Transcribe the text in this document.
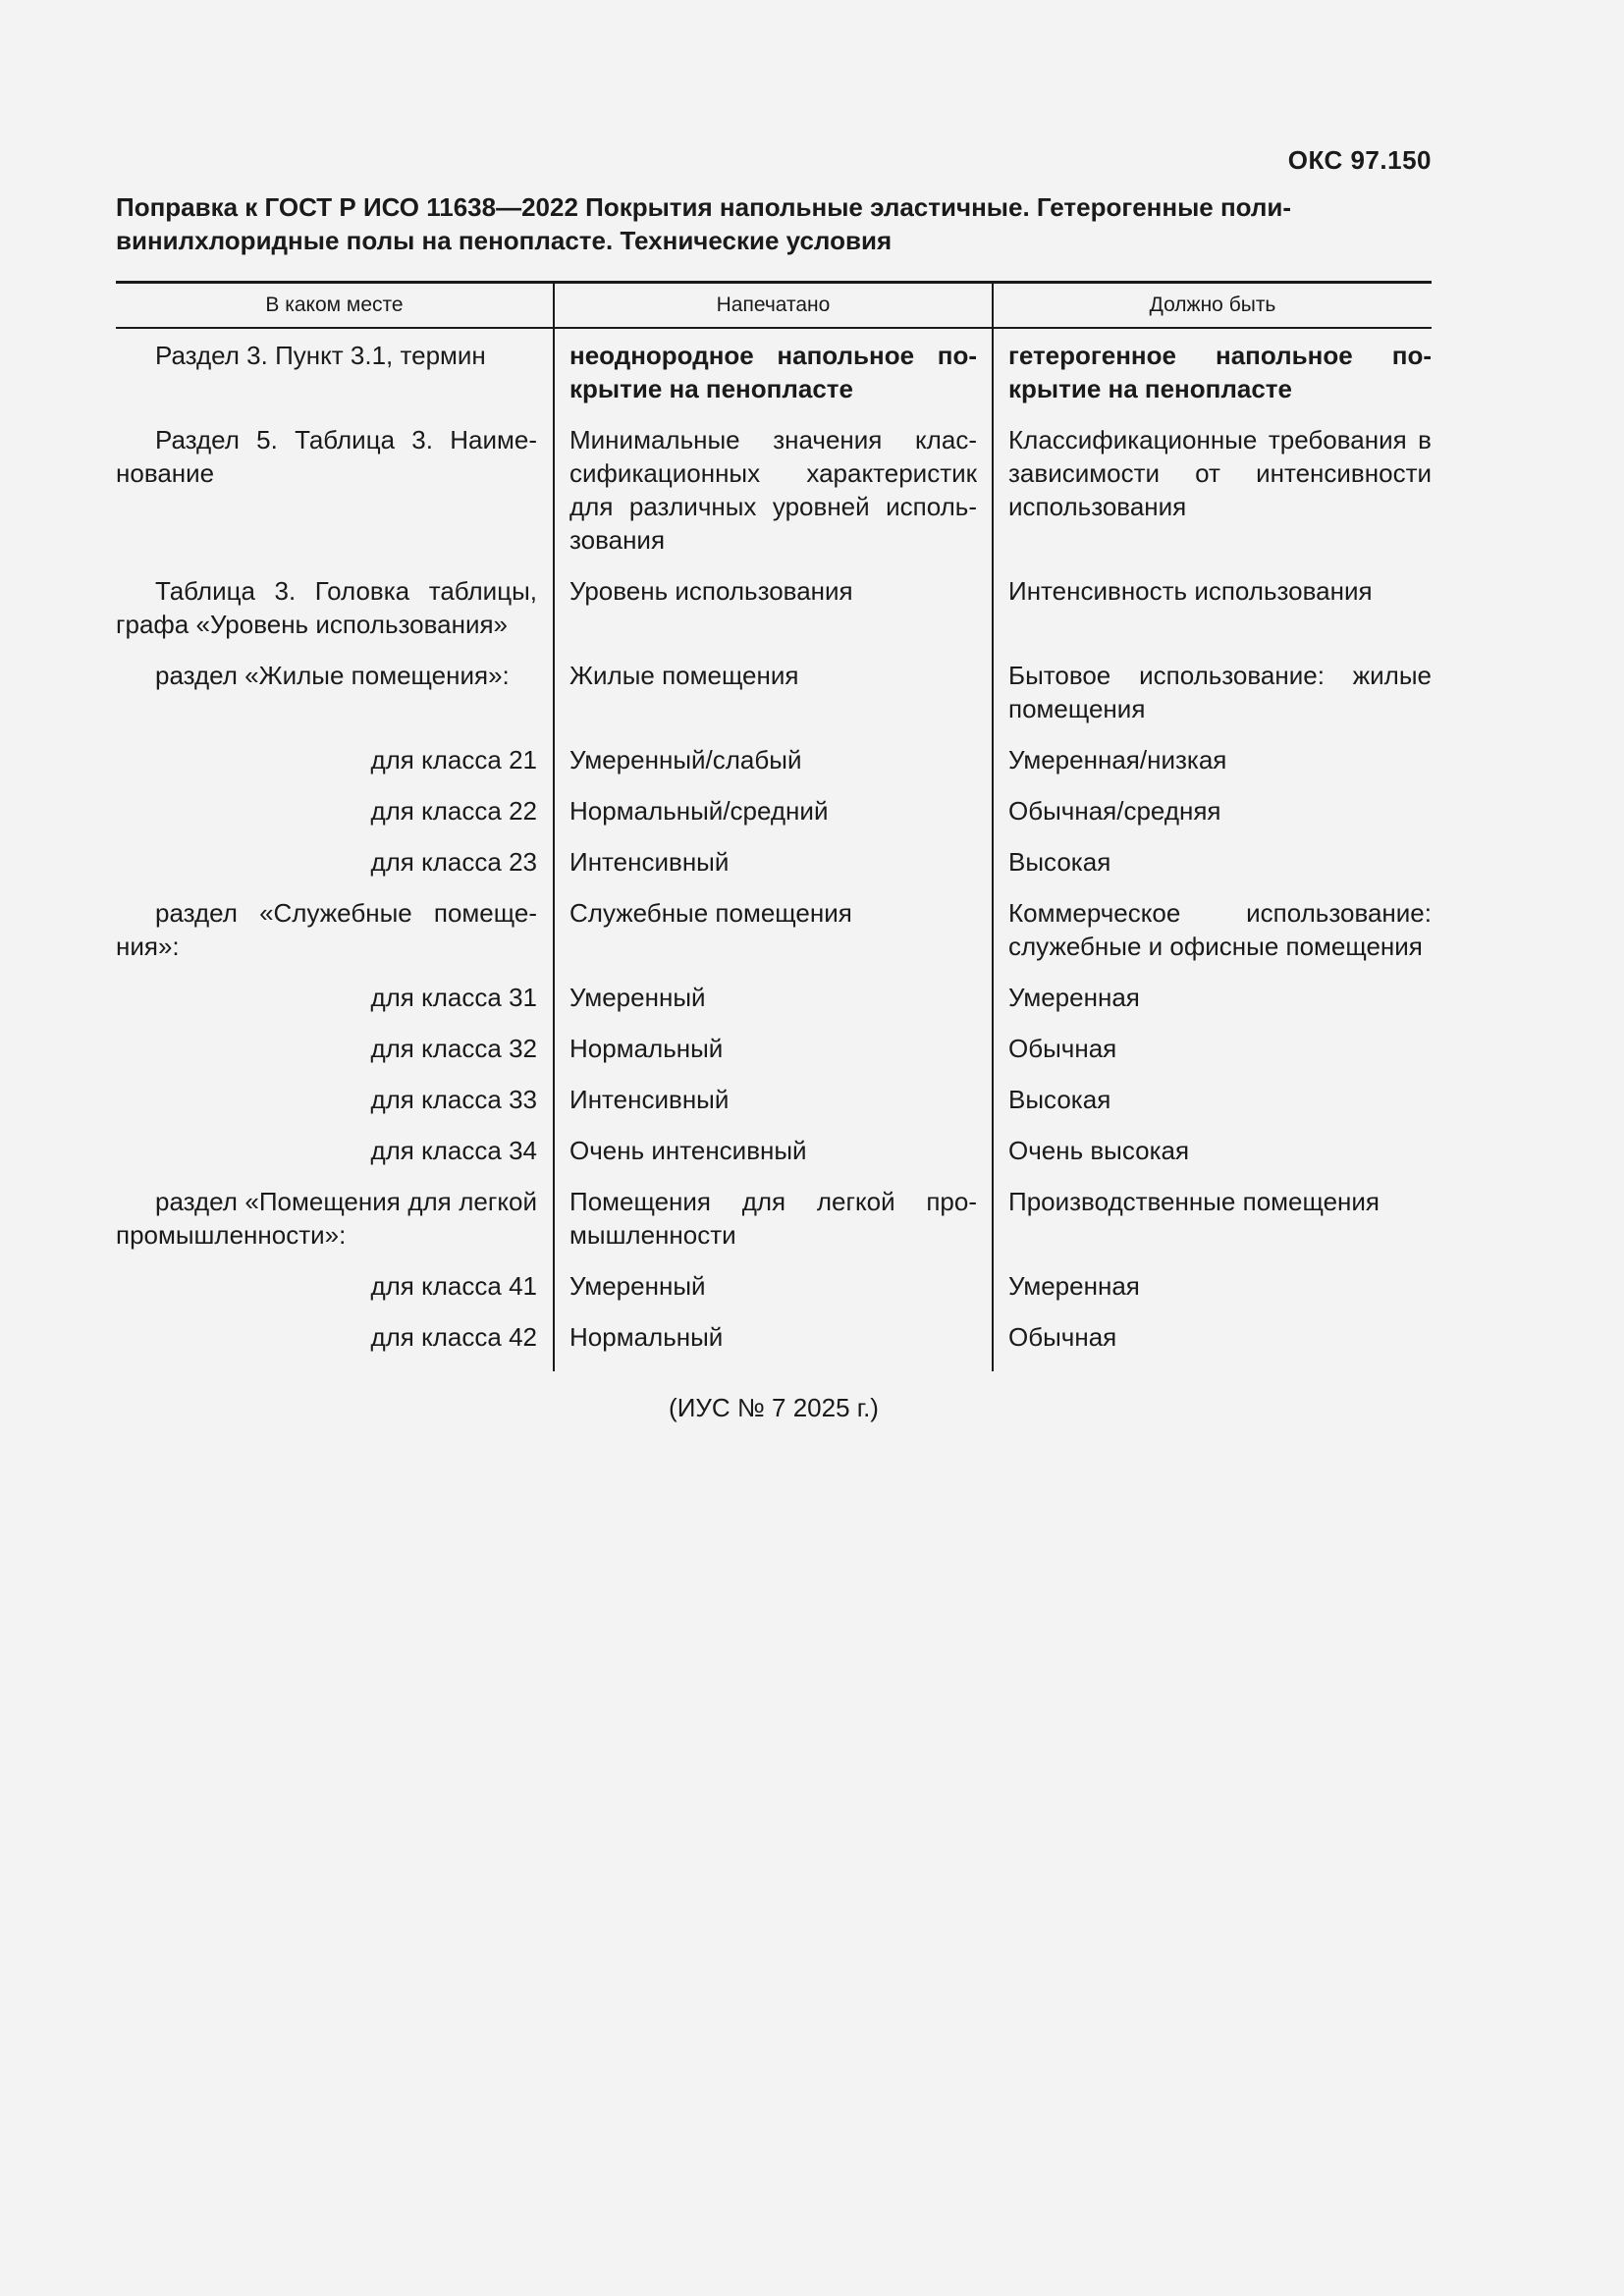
ОКС 97.150
Поправка к ГОСТ Р ИСО 11638—2022 Покрытия напольные эластичные. Гетерогенные поли-
винилхлоридные полы на пенопласте. Технические условия
В каком месте	Напечатано	Должно быть

Раздел 3. Пункт 3.1, термин	неоднородное напольное покрытие на пенопласте	гетерогенное напольное покрытие на пенопласте

Раздел 5. Таблица 3. Наименование	Минимальные значения классификационных характеристик для различных уровней использования	Классификационные требования в зависимости от интенсивности использования

Таблица 3. Головка таблицы, графа «Уровень использования»	Уровень использования	Интенсивность использования

раздел «Жилые помещения»:	Жилые помещения	Бытовое использование: жилые помещения

для класса 21	Умеренный/слабый	Умеренная/низкая

для класса 22	Нормальный/средний	Обычная/средняя

для класса 23	Интенсивный	Высокая

раздел «Служебные помещения»:	Служебные помещения	Коммерческое использование: служебные и офисные помещения

для класса 31	Умеренный	Умеренная

для класса 32	Нормальный	Обычная

для класса 33	Интенсивный	Высокая

для класса 34	Очень интенсивный	Очень высокая

раздел «Помещения для легкой промышленности»:	Помещения для легкой промышленности	Производственные помещения

для класса 41	Умеренный	Умеренная

для класса 42	Нормальный	Обычная
(ИУС № 7 2025 г.)
